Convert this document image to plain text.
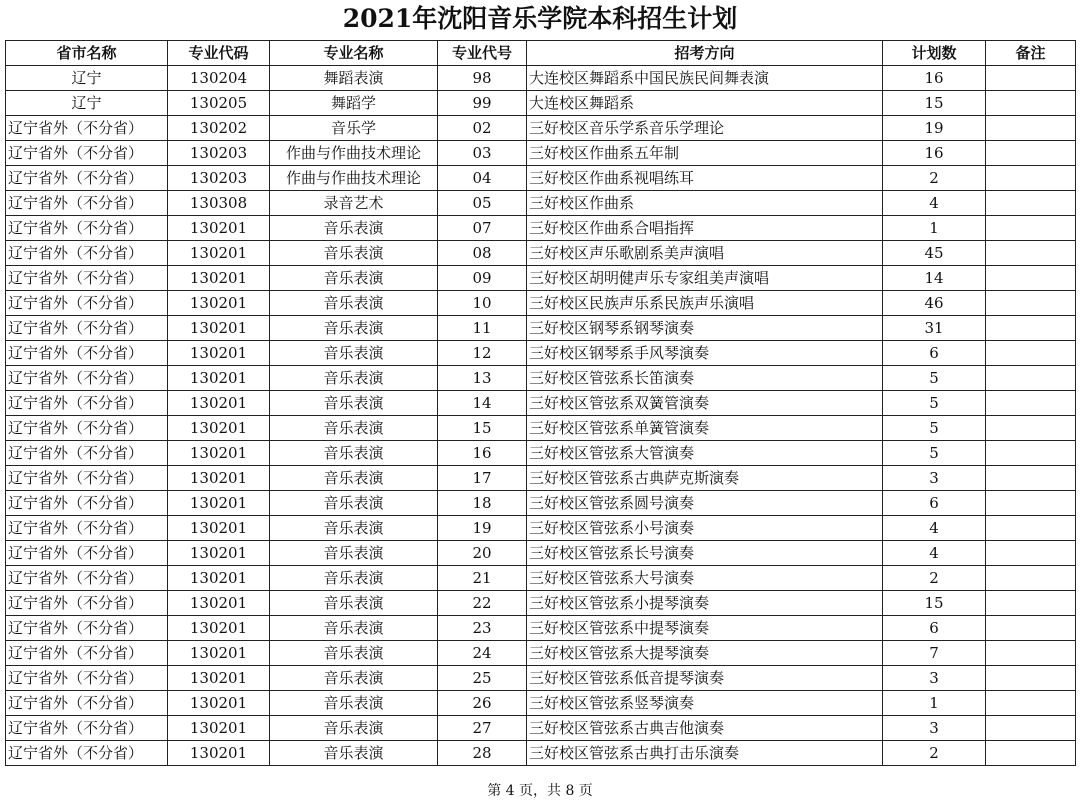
2021年沈阳音乐学院本科招生计划
省市名称	专业代码	专业名称	专业代号	招考方向	计划数	备注
辽宁	130204	舞蹈表演	98	大连校区舞蹈系中国民族民间舞表演	16	
辽宁	130205	舞蹈学	99	大连校区舞蹈系	15	
辽宁省外（不分省）	130202	音乐学	02	三好校区音乐学系音乐学理论	19	
辽宁省外（不分省）	130203	作曲与作曲技术理论	03	三好校区作曲系五年制	16	
辽宁省外（不分省）	130203	作曲与作曲技术理论	04	三好校区作曲系视唱练耳	2	
辽宁省外（不分省）	130308	录音艺术	05	三好校区作曲系	4	
辽宁省外（不分省）	130201	音乐表演	07	三好校区作曲系合唱指挥	1	
辽宁省外（不分省）	130201	音乐表演	08	三好校区声乐歌剧系美声演唱	45	
辽宁省外（不分省）	130201	音乐表演	09	三好校区胡明健声乐专家组美声演唱	14	
辽宁省外（不分省）	130201	音乐表演	10	三好校区民族声乐系民族声乐演唱	46	
辽宁省外（不分省）	130201	音乐表演	11	三好校区钢琴系钢琴演奏	31	
辽宁省外（不分省）	130201	音乐表演	12	三好校区钢琴系手风琴演奏	6	
辽宁省外（不分省）	130201	音乐表演	13	三好校区管弦系长笛演奏	5	
辽宁省外（不分省）	130201	音乐表演	14	三好校区管弦系双簧管演奏	5	
辽宁省外（不分省）	130201	音乐表演	15	三好校区管弦系单簧管演奏	5	
辽宁省外（不分省）	130201	音乐表演	16	三好校区管弦系大管演奏	5	
辽宁省外（不分省）	130201	音乐表演	17	三好校区管弦系古典萨克斯演奏	3	
辽宁省外（不分省）	130201	音乐表演	18	三好校区管弦系圆号演奏	6	
辽宁省外（不分省）	130201	音乐表演	19	三好校区管弦系小号演奏	4	
辽宁省外（不分省）	130201	音乐表演	20	三好校区管弦系长号演奏	4	
辽宁省外（不分省）	130201	音乐表演	21	三好校区管弦系大号演奏	2	
辽宁省外（不分省）	130201	音乐表演	22	三好校区管弦系小提琴演奏	15	
辽宁省外（不分省）	130201	音乐表演	23	三好校区管弦系中提琴演奏	6	
辽宁省外（不分省）	130201	音乐表演	24	三好校区管弦系大提琴演奏	7	
辽宁省外（不分省）	130201	音乐表演	25	三好校区管弦系低音提琴演奏	3	
辽宁省外（不分省）	130201	音乐表演	26	三好校区管弦系竖琴演奏	1	
辽宁省外（不分省）	130201	音乐表演	27	三好校区管弦系古典吉他演奏	3	
辽宁省外（不分省）	130201	音乐表演	28	三好校区管弦系古典打击乐演奏	2	
第 4 页，共 8 页
